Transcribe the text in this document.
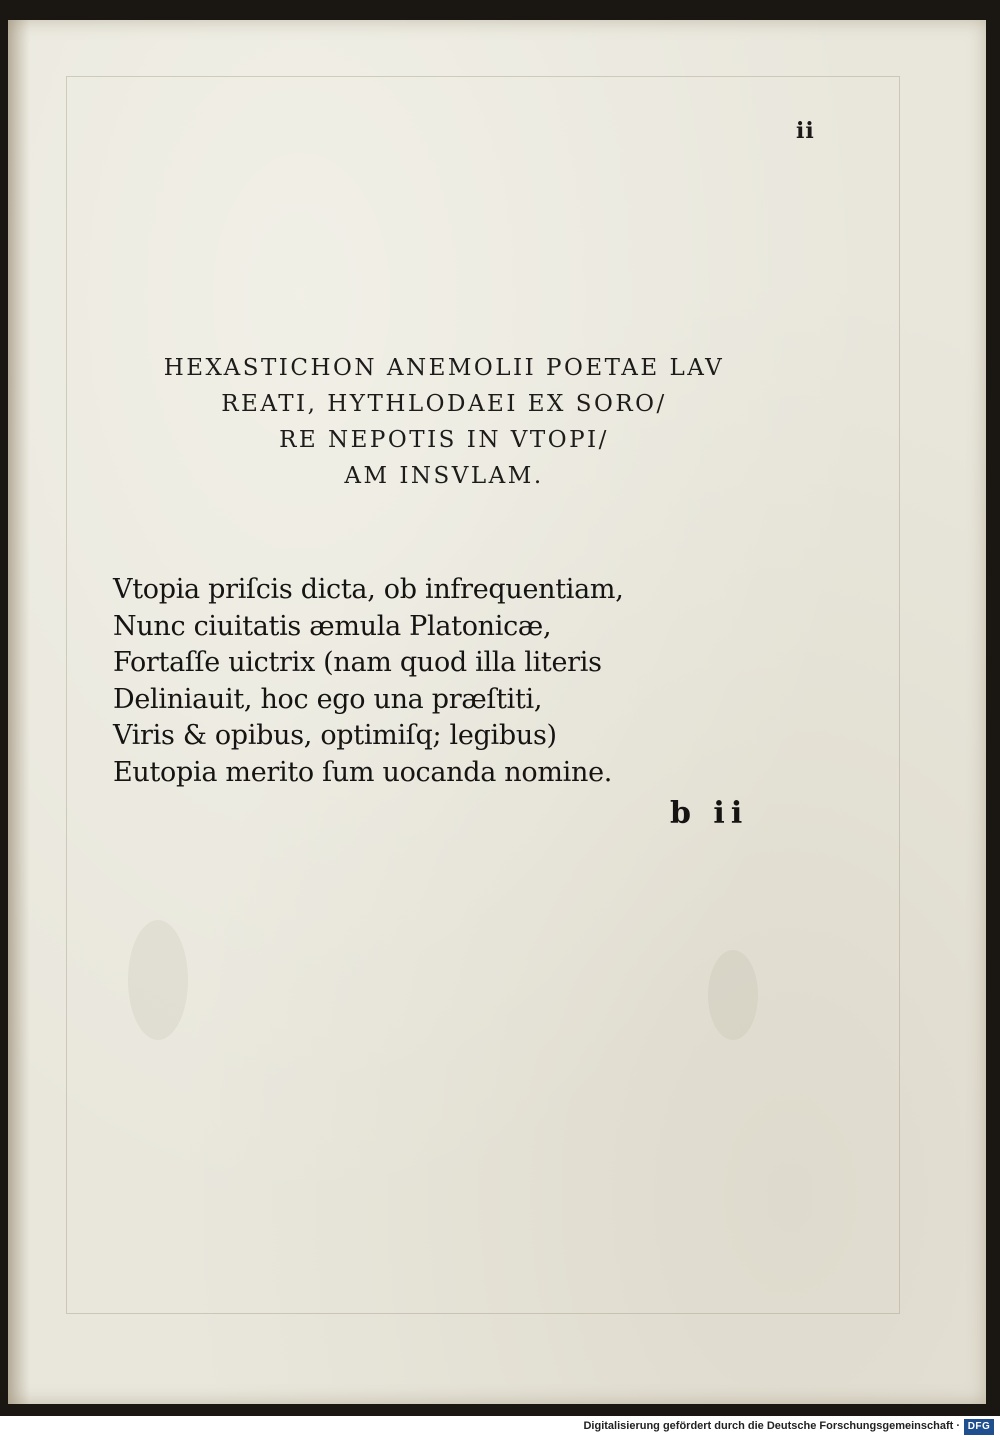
ii
HEXASTICHON ANEMOLII POETAE LAV
REATI, HYTHLODAEI EX SORO/
RE NEPOTIS IN VTOPI/
AM INSVLAM.
Vtopia priſcis dicta, ob infrequentiam,
Nunc ciuitatis æmula Platonicæ,
Fortaſſe uictrix (nam quod illa literis
Deliniauit, hoc ego una præſtiti,
Viris & opibus, optimiſq; legibus)
Eutopia merito ſum uocanda nomine.
b ii
Digitalisierung gefördert durch die Deutsche Forschungsgemeinschaft · DFG
